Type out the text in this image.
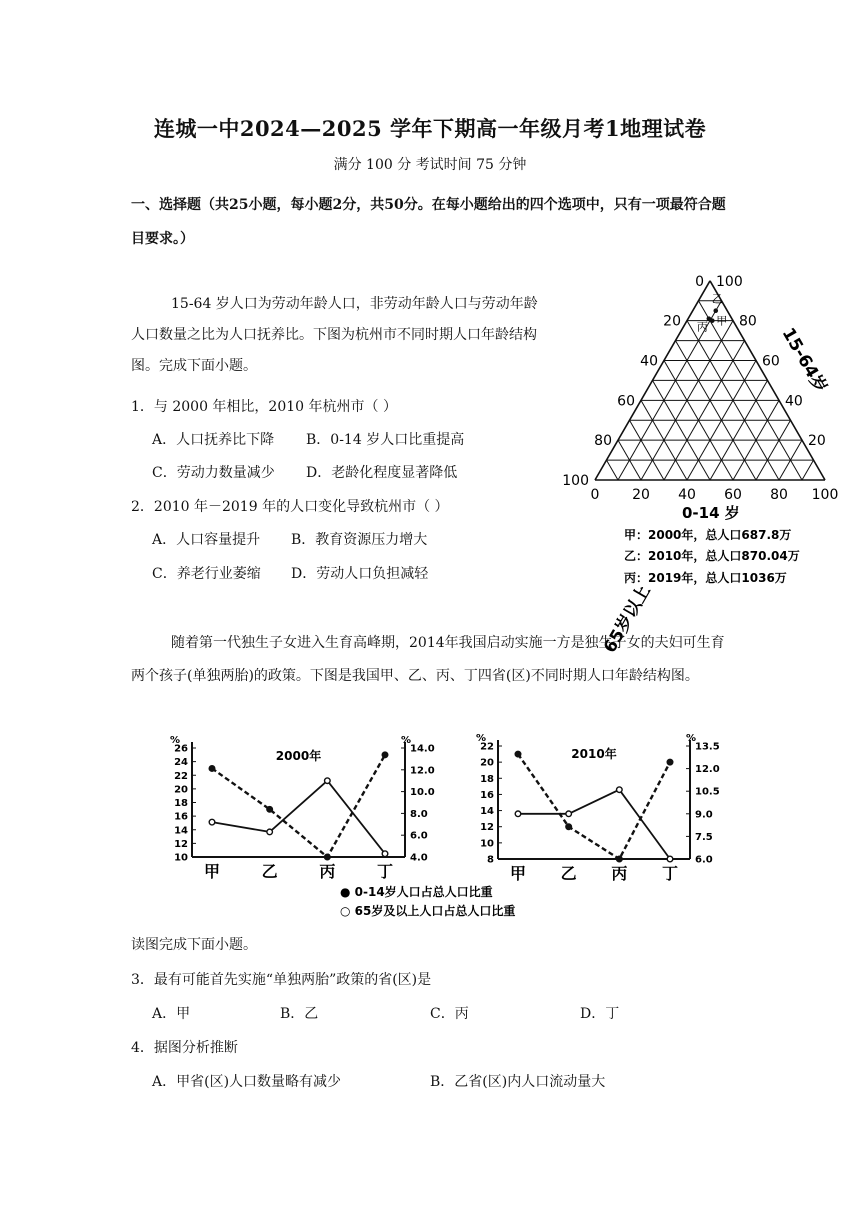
连城一中2024—2025 学年下期高一年级月考1地理试卷
满分 100 分 考试时间 75 分钟
一、选择题（共25小题，每小题2分，共50分。在每小题给出的四个选项中，只有一项最符合题目要求。）
15-64 岁人口为劳动年龄人口，非劳动年龄人口与劳动年龄人口数量之比为人口抚养比。下图为杭州市不同时期人口年龄结构图。完成下面小题。
1．与 2000 年相比，2010 年杭州市（ ）
A．人口抚养比下降 B．0-14 岁人口比重提高
C．劳动力数量减少 D．老龄化程度显著降低
2．2010 年－2019 年的人口变化导致杭州市（ ）
A．人口容量提升 B．教育资源压力增大
C．养老行业萎缩 D．劳动人口负担减轻
0 20 40 60 80 100
0
20
40
60
80
100
100
80
60
40
20
甲
乙
丙
65岁以上
15-64岁
0-14 岁
甲：2000年，总人口687.8万
乙：2010年，总人口870.04万
丙：2019年，总人口1036万
随着第一代独生子女进入生育高峰期，2014年我国启动实施一方是独生子女的夫妇可生育两个孩子(单独两胎)的政策。下图是我国甲、乙、丙、丁四省(区)不同时期人口年龄结构图。
%	%
2000年
10
12
14
16
18
20
22
24
26
4.0
6.0
8.0
10.0
12.0
14.0
甲	乙	丙	丁
%	%
2010年
8
10
12
14
16
18
20
22
6.0
7.5
9.0
10.5
12.0
13.5
甲 乙 丙 丁
● 0-14岁人口占总人口比重
○ 65岁及以上人口占总人口比重
读图完成下面小题。
3．最有可能首先实施“单独两胎”政策的省(区)是
A．甲	B．乙	C．丙	D．丁
4．据图分析推断
A．甲省(区)人口数量略有减少	B．乙省(区)内人口流动量大
